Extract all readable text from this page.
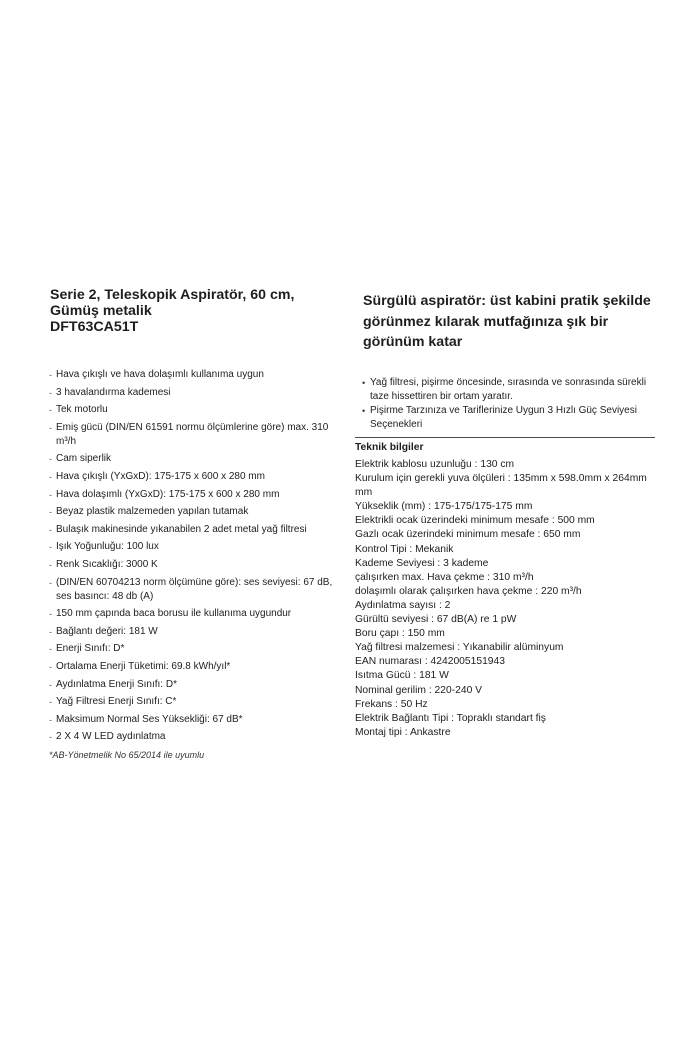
Serie 2, Teleskopik Aspiratör, 60 cm, Gümüş metalik
DFT63CA51T
- Hava çıkışlı ve hava dolaşımlı kullanıma uygun
- 3 havalandırma kademesi
- Tek motorlu
- Emiş gücü (DIN/EN 61591 normu ölçümlerine göre) max. 310 m³/h
- Cam siperlik
- Hava çıkışlı (YxGxD): 175-175 x 600 x 280 mm
- Hava dolaşımlı (YxGxD): 175-175 x 600 x 280 mm
- Beyaz plastik malzemeden yapılan tutamak
- Bulaşık makinesinde yıkanabilen 2 adet metal yağ filtresi
- Işık Yoğunluğu: 100 lux
- Renk Sıcaklığı: 3000 K
- (DIN/EN 60704213 norm ölçümüne göre): ses seviyesi: 67 dB, ses basıncı: 48 db (A)
- 150 mm çapında baca borusu ile kullanıma uygundur
- Bağlantı değeri: 181 W
- Enerji Sınıfı: D*
- Ortalama Enerji Tüketimi: 69.8 kWh/yıl*
- Aydınlatma Enerji Sınıfı: D*
- Yağ Filtresi Enerji Sınıfı: C*
- Maksimum Normal Ses Yüksekliği: 67 dB*
- 2 X 4 W LED aydınlatma
*AB-Yönetmelik No 65/2014 ile uyumlu
Sürgülü aspiratör: üst kabini pratik şekilde görünmez kılarak mutfağınıza şık bir görünüm katar
• Yağ filtresi, pişirme öncesinde, sırasında ve sonrasında sürekli taze hissettiren bir ortam yaratır.
• Pişirme Tarzınıza ve Tariflerinize Uygun 3 Hızlı Güç Seviyesi Seçenekleri
Teknik bilgiler
Elektrik kablosu uzunluğu : 130 cm
Kurulum için gerekli yuva ölçüleri : 135mm x 598.0mm x 264mm mm
Yükseklik (mm) : 175-175/175-175 mm
Elektrikli ocak üzerindeki minimum mesafe : 500 mm
Gazlı ocak üzerindeki minimum mesafe : 650 mm
Kontrol Tipi : Mekanik
Kademe Seviyesi : 3 kademe
çalışırken max. Hava çekme : 310 m³/h
dolaşımlı olarak çalışırken hava çekme : 220 m³/h
Aydınlatma sayısı : 2
Gürültü seviyesi : 67 dB(A) re 1 pW
Boru çapı : 150 mm
Yağ filtresi malzemesi : Yıkanabilir alüminyum
EAN numarası : 4242005151943
Isıtma Gücü : 181 W
Nominal gerilim : 220-240 V
Frekans : 50 Hz
Elektrik Bağlantı Tipi : Topraklı standart fiş
Montaj tipi : Ankastre
